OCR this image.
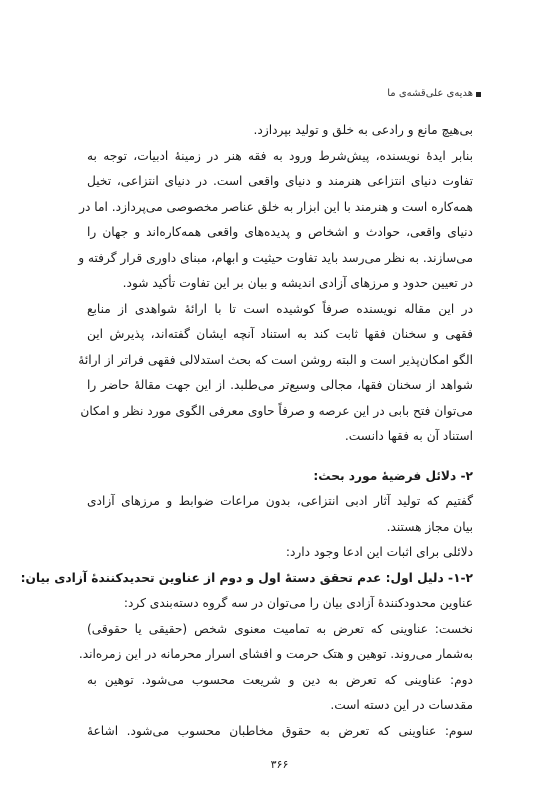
هدیه‌ی علی‌قشه‌ی ما

بی‌هیچ مانع و رادعی به خلق و تولید بپردازد.

بنابر ایدهٔ نویسنده، پیش‌شرط ورود به فقه هنر در زمینهٔ ادبیات، توجه به

تفاوت دنیای انتزاعی هنرمند و دنیای واقعی است. در دنیای انتزاعی، تخیل

همه‌کاره است و هنرمند با این ابزار به خلق عناصر مخصوصی می‌پردازد. اما در

دنیای واقعی، حوادث و اشخاص و پدیده‌های واقعی همه‌کاره‌اند و جهان را

می‌سازند. به نظر می‌رسد باید تفاوت حیثیت و ابهام، مبنای داوری قرار گرفته و

در تعیین حدود و مرزهای آزادی اندیشه و بیان بر این تفاوت تأکید شود.

در این مقاله نویسنده صرفاً کوشیده است تا با ارائهٔ شواهدی از منابع

فقهی و سخنان فقها ثابت کند به استناد آنچه ایشان گفته‌اند، پذیرش این

الگو امکان‌پذیر است و البته روشن است که بحث استدلالی فقهی فراتر از ارائهٔ

شواهد از سخنان فقها، مجالی وسیع‌تر می‌طلبد. از این جهت مقالهٔ حاضر را

می‌توان فتح بابی در این عرصه و صرفاً حاوی معرفی الگوی مورد نظر و امکان

استناد آن به فقها دانست.

۲- دلائل فرضیهٔ مورد بحث:

گفتیم که تولید آثار ادبی انتزاعی، بدون مراعات ضوابط و مرزهای آزادی

بیان مجاز هستند.

دلائلی برای اثبات این ادعا وجود دارد:

۱-۲- دلیل اول: عدم تحقق دستهٔ اول و دوم از عناوین تحدیدکنندهٔ آزادی بیان:

عناوین محدودکنندهٔ آزادی بیان را می‌توان در سه گروه دسته‌بندی کرد:

نخست: عناوینی که تعرض به تمامیت معنوی شخص (حقیقی یا حقوقی)

به‌شمار می‌روند. توهین و هتک حرمت و افشای اسرار محرمانه در این زمره‌اند.

دوم: عناوینی که تعرض به دین و شریعت محسوب می‌شود. توهین به

مقدسات در این دسته است.

سوم: عناوینی که تعرض به حقوق مخاطبان محسوب می‌شود. اشاعهٔ

۳۶۶
